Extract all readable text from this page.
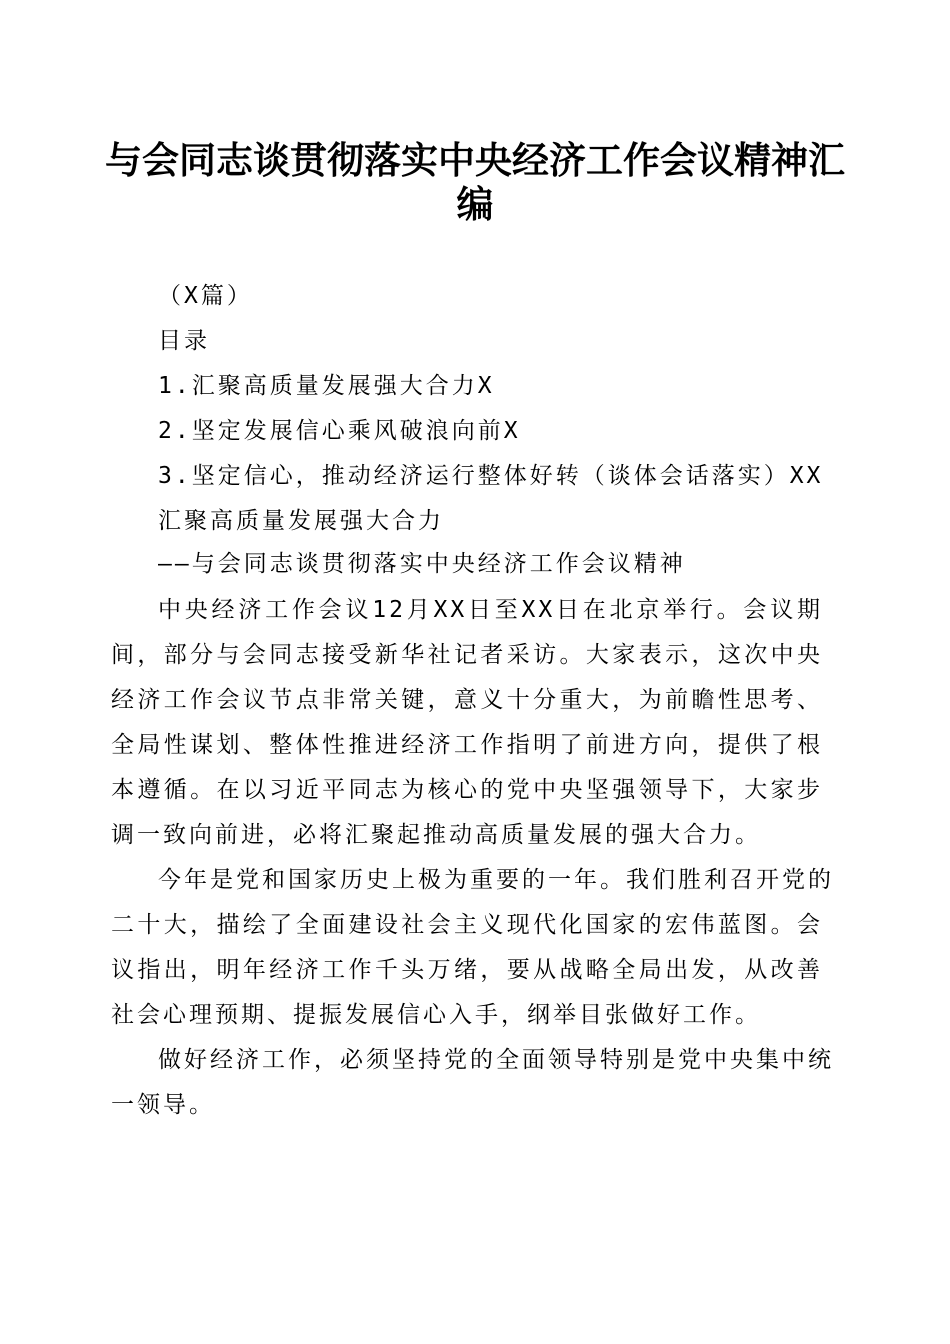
与会同志谈贯彻落实中央经济工作会议精神汇
编

（X篇）

目录

1.汇聚高质量发展强大合力X

2.坚定发展信心乘风破浪向前X

3.坚定信心，推动经济运行整体好转（谈体会话落实）XX

汇聚高质量发展强大合力

——与会同志谈贯彻落实中央经济工作会议精神

中央经济工作会议12月XX日至XX日在北京举行。会议期

间，部分与会同志接受新华社记者采访。大家表示，这次中央

经济工作会议节点非常关键，意义十分重大，为前瞻性思考、

全局性谋划、整体性推进经济工作指明了前进方向，提供了根

本遵循。在以习近平同志为核心的党中央坚强领导下，大家步

调一致向前进，必将汇聚起推动高质量发展的强大合力。

今年是党和国家历史上极为重要的一年。我们胜利召开党的

二十大，描绘了全面建设社会主义现代化国家的宏伟蓝图。会

议指出，明年经济工作千头万绪，要从战略全局出发，从改善

社会心理预期、提振发展信心入手，纲举目张做好工作。

做好经济工作，必须坚持党的全面领导特别是党中央集中统

一领导。
